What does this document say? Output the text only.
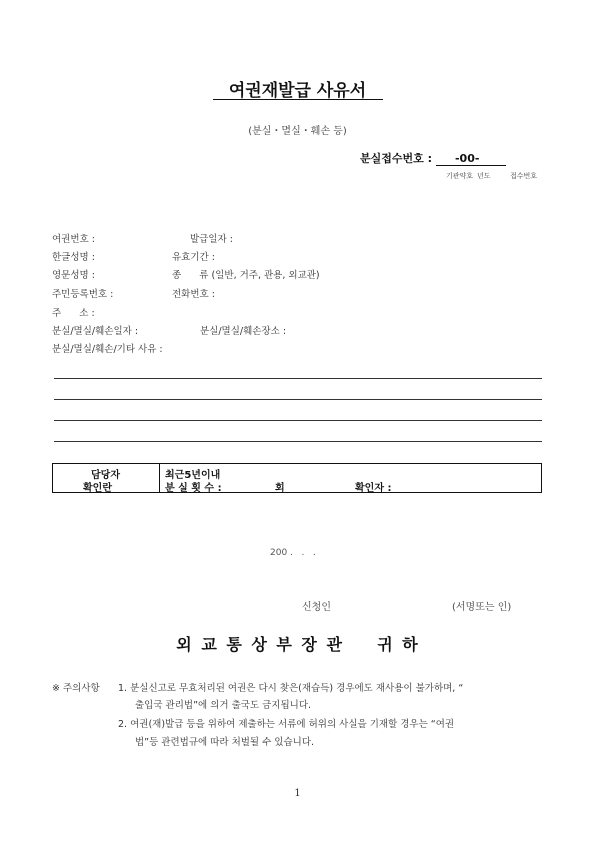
여권재발급 사유서
(분실・멸실・훼손 등)
분실접수번호 : -00-
기관약호 년도	접수번호
여권번호 :	발급일자 :
한글성명 :	유효기간 :
영문성명 :	종      류 (일반, 거주, 관용, 외교관)
주민등록번호 :	전화번호 :
주      소 :
분실/멸실/훼손일자 :	분실/멸실/훼손장소 :
분실/멸실/훼손/기타 사유 :
담당자
확인란
최근5년이내
분 실 횟 수 :	회	확인자 :
200 .   .   .
신청인	(서명또는 인)
외 교 통 상 부 장 관    귀 하
※ 주의사항 1. 분실신고로 무효처리된 여권은 다시 찾은(재습득) 경우에도 재사용이 불가하며, “
출입국 관리법”에 의거 출국도 금지됩니다.
2. 여권(재)발급 등을 위하여 제출하는 서류에 허위의 사실을 기재할 경우는 “여권
법”등 관련법규에 따라 처벌될 수 있습니다.
1
